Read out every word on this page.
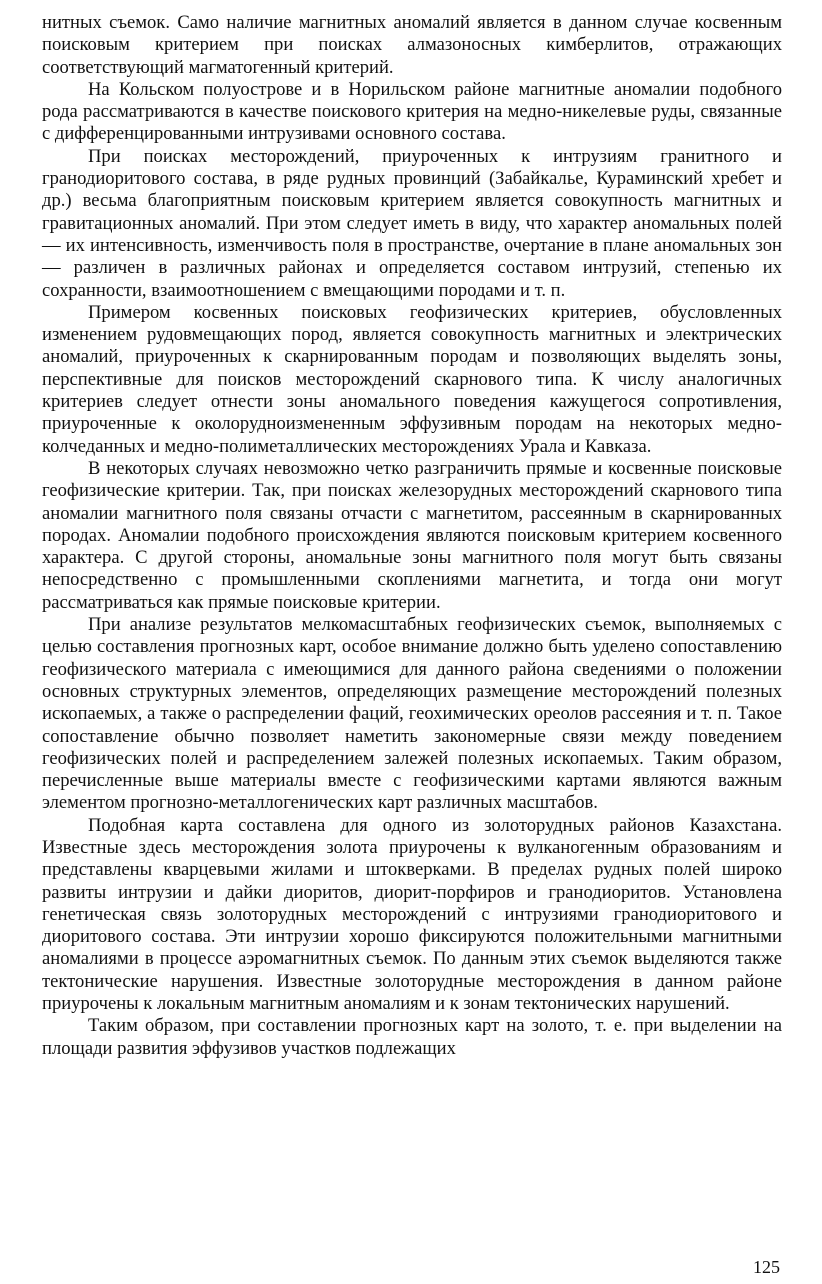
нитных съемок. Само наличие магнитных аномалий является в данном случае косвенным поисковым критерием при поисках алмазоносных кимберлитов, отражающих соответствующий магматогенный критерий.

На Кольском полуострове и в Норильском районе магнитные аномалии подобного рода рассматриваются в качестве поискового критерия на медно-никелевые руды, связанные с дифференцированными интрузивами основного состава.

При поисках месторождений, приуроченных к интрузиям гранитного и гранодиоритового состава, в ряде рудных провинций (Забайкалье, Кураминский хребет и др.) весьма благоприятным поисковым критерием является совокупность магнитных и гравитационных аномалий. При этом следует иметь в виду, что характер аномальных полей — их интенсивность, изменчивость поля в пространстве, очертание в плане аномальных зон — различен в различных районах и определяется составом интрузий, степенью их сохранности, взаимоотношением с вмещающими породами и т. п.

Примером косвенных поисковых геофизических критериев, обусловленных изменением рудовмещающих пород, является совокупность магнитных и электрических аномалий, приуроченных к скарнированным породам и позволяющих выделять зоны, перспективные для поисков месторождений скарнового типа. К числу аналогичных критериев следует отнести зоны аномального поведения кажущегося сопротивления, приуроченные к околорудноизмененным эффузивным породам на некоторых медно-колчеданных и медно-полиметаллических месторождениях Урала и Кавказа.

В некоторых случаях невозможно четко разграничить прямые и косвенные поисковые геофизические критерии. Так, при поисках железорудных месторождений скарнового типа аномалии магнитного поля связаны отчасти с магнетитом, рассеянным в скарнированных породах. Аномалии подобного происхождения являются поисковым критерием косвенного характера. С другой стороны, аномальные зоны магнитного поля могут быть связаны непосредственно с промышленными скоплениями магнетита, и тогда они могут рассматриваться как прямые поисковые критерии.

При анализе результатов мелкомасштабных геофизических съемок, выполняемых с целью составления прогнозных карт, особое внимание должно быть уделено сопоставлению геофизического материала с имеющимися для данного района сведениями о положении основных структурных элементов, определяющих размещение месторождений полезных ископаемых, а также о распределении фаций, геохимических ореолов рассеяния и т. п. Такое сопоставление обычно позволяет наметить закономерные связи между поведением геофизических полей и распределением залежей полезных ископаемых. Таким образом, перечисленные выше материалы вместе с геофизическими картами являются важным элементом прогнозно-металлогенических карт различных масштабов.

Подобная карта составлена для одного из золоторудных районов Казахстана. Известные здесь месторождения золота приурочены к вулканогенным образованиям и представлены кварцевыми жилами и штокверками. В пределах рудных полей широко развиты интрузии и дайки диоритов, диорит-порфиров и гранодиоритов. Установлена генетическая связь золоторудных месторождений с интрузиями гранодиоритового и диоритового состава. Эти интрузии хорошо фиксируются положительными магнитными аномалиями в процессе аэромагнитных съемок. По данным этих съемок выделяются также тектонические нарушения. Известные золоторудные месторождения в данном районе приурочены к локальным магнитным аномалиям и к зонам тектонических нарушений.

Таким образом, при составлении прогнозных карт на золото, т. е. при выделении на площади развития эффузивов участков подлежащих

125
